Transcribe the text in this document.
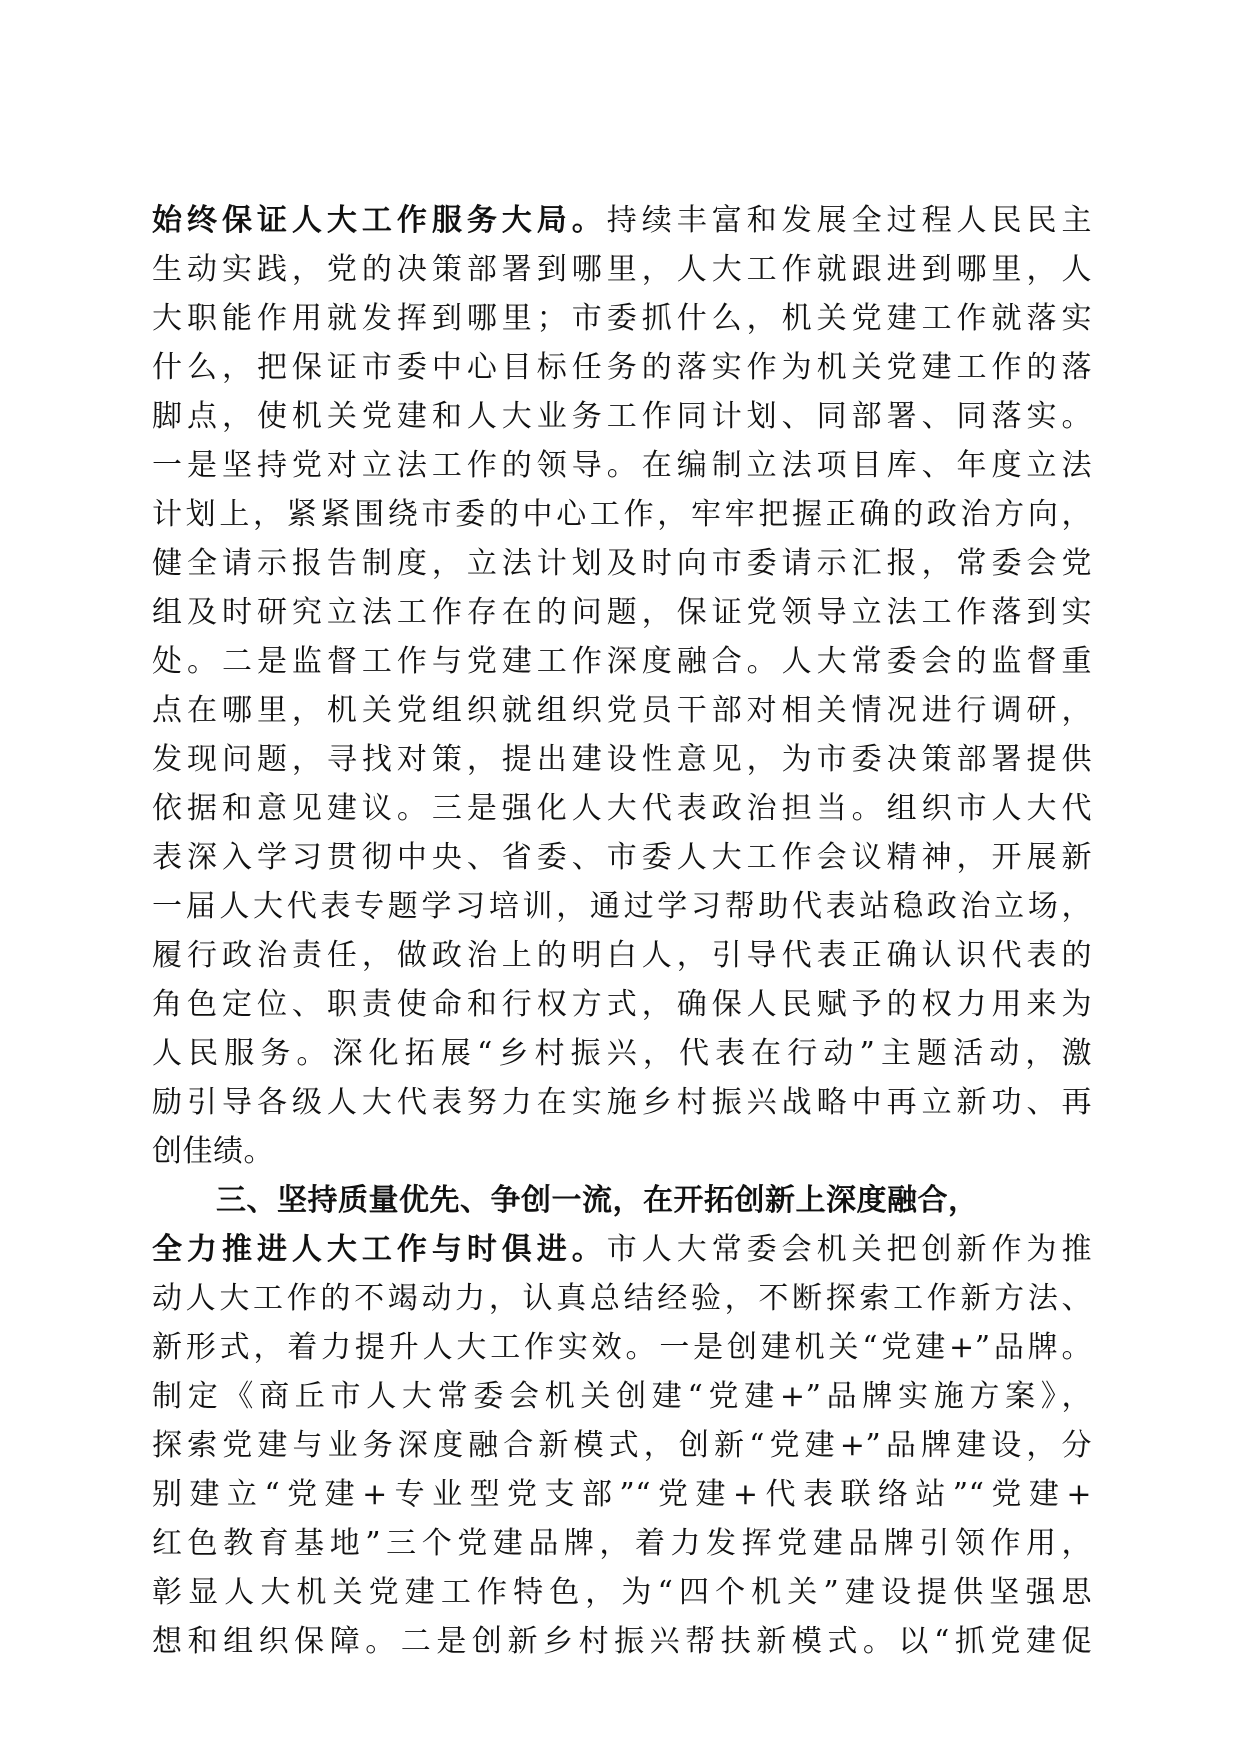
始终保证人大工作服务大局。持续丰富和发展全过程人民民主
生动实践，党的决策部署到哪里，人大工作就跟进到哪里，人
大职能作用就发挥到哪里；市委抓什么，机关党建工作就落实
什么，把保证市委中心目标任务的落实作为机关党建工作的落
脚点，使机关党建和人大业务工作同计划、同部署、同落实。
一是坚持党对立法工作的领导。在编制立法项目库、年度立法
计划上，紧紧围绕市委的中心工作，牢牢把握正确的政治方向，
健全请示报告制度，立法计划及时向市委请示汇报，常委会党
组及时研究立法工作存在的问题，保证党领导立法工作落到实
处。二是监督工作与党建工作深度融合。人大常委会的监督重
点在哪里，机关党组织就组织党员干部对相关情况进行调研，
发现问题，寻找对策，提出建设性意见，为市委决策部署提供
依据和意见建议。三是强化人大代表政治担当。组织市人大代
表深入学习贯彻中央、省委、市委人大工作会议精神，开展新
一届人大代表专题学习培训，通过学习帮助代表站稳政治立场，
履行政治责任，做政治上的明白人，引导代表正确认识代表的
角色定位、职责使命和行权方式，确保人民赋予的权力用来为
人民服务。深化拓展“乡村振兴，代表在行动”主题活动，激
励引导各级人大代表努力在实施乡村振兴战略中再立新功、再
创佳绩。
三、坚持质量优先、争创一流，在开拓创新上深度融合，
全力推进人大工作与时俱进。市人大常委会机关把创新作为推
动人大工作的不竭动力，认真总结经验，不断探索工作新方法、
新形式，着力提升人大工作实效。一是创建机关“党建+”品牌。
制定《商丘市人大常委会机关创建“党建+”品牌实施方案》，
探索党建与业务深度融合新模式，创新“党建+”品牌建设，分
别建立“党建+专业型党支部”“党建+代表联络站”“党建+
红色教育基地”三个党建品牌，着力发挥党建品牌引领作用，
彰显人大机关党建工作特色，为“四个机关”建设提供坚强思
想和组织保障。二是创新乡村振兴帮扶新模式。以“抓党建促
